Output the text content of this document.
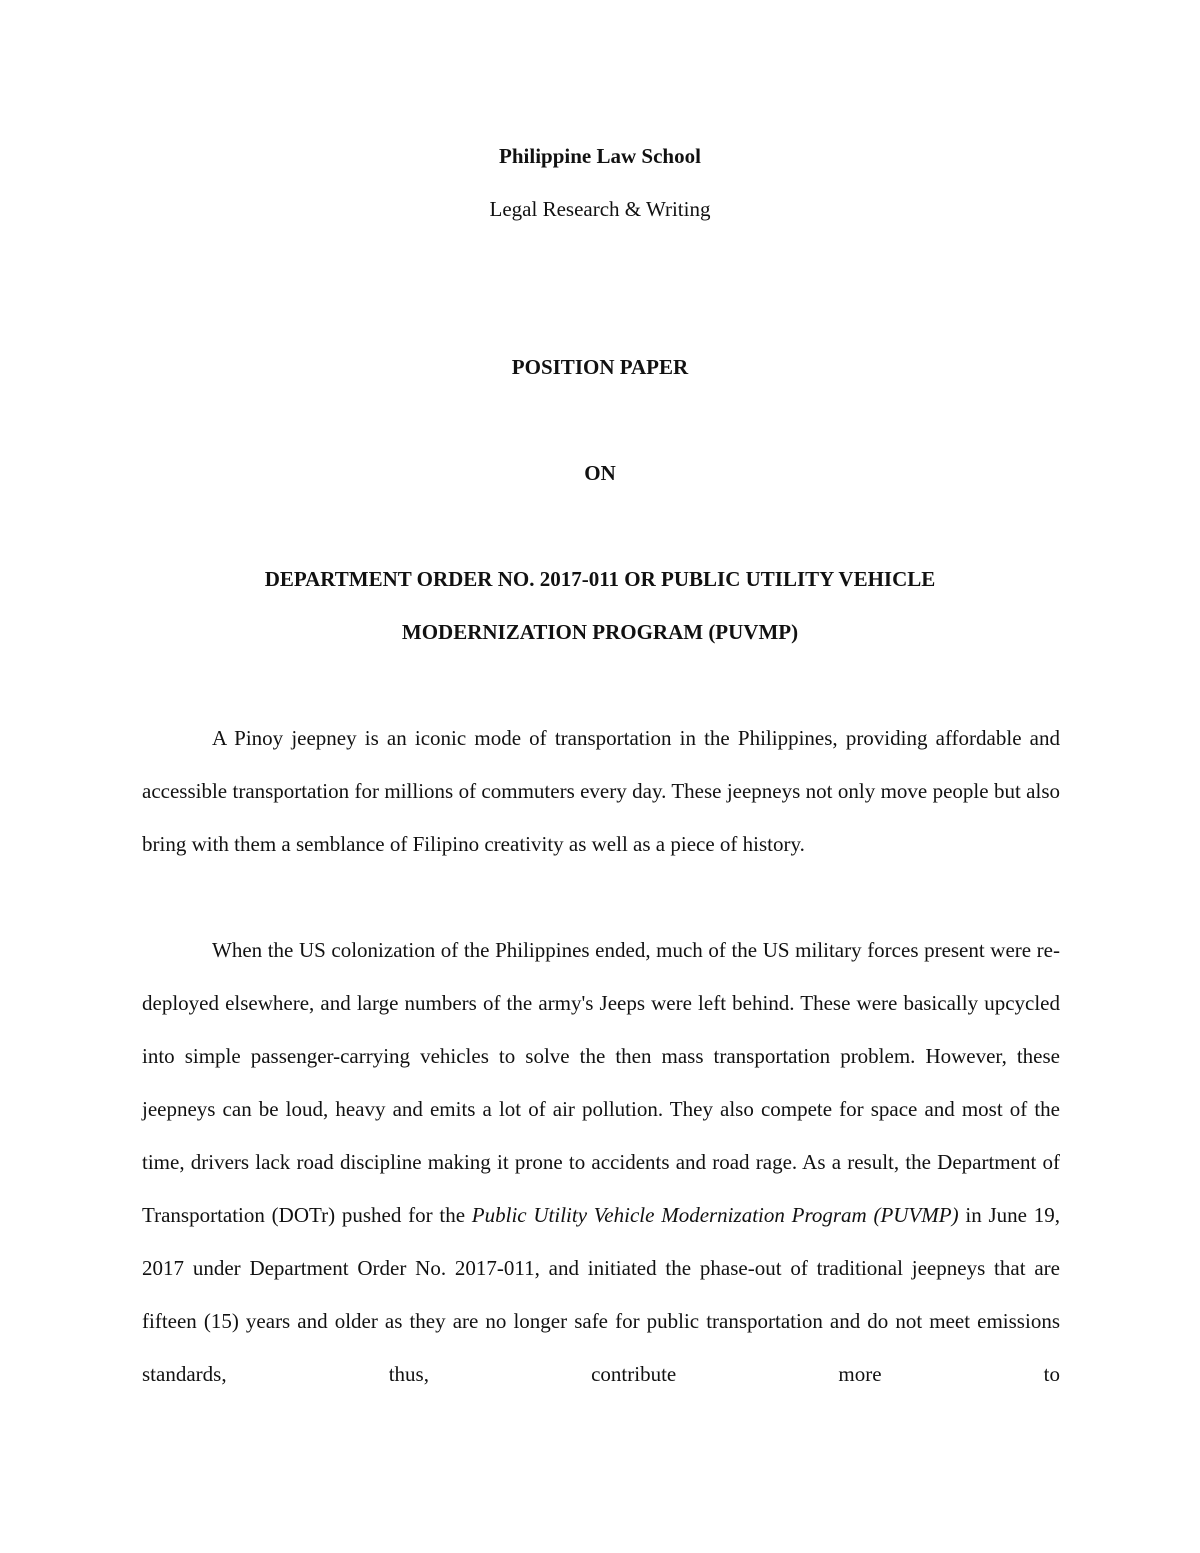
Philippine Law School
Legal Research & Writing
POSITION PAPER
ON
DEPARTMENT ORDER NO. 2017-011 OR PUBLIC UTILITY VEHICLE
MODERNIZATION PROGRAM (PUVMP)

A Pinoy jeepney is an iconic mode of transportation in the Philippines, providing affordable and accessible transportation for millions of commuters every day. These jeepneys not only move people but also bring with them a semblance of Filipino creativity as well as a piece of history.

When the US colonization of the Philippines ended, much of the US military forces present were re-deployed elsewhere, and large numbers of the army's Jeeps were left behind. These were basically upcycled into simple passenger-carrying vehicles to solve the then mass transportation problem. However, these jeepneys can be loud, heavy and emits a lot of air pollution. They also compete for space and most of the time, drivers lack road discipline making it prone to accidents and road rage. As a result, the Department of Transportation (DOTr) pushed for the Public Utility Vehicle Modernization Program (PUVMP) in June 19, 2017 under Department Order No. 2017-011, and initiated the phase-out of traditional jeepneys that are fifteen (15) years and older as they are no longer safe for public transportation and do not meet emissions standards, thus, contribute more to
